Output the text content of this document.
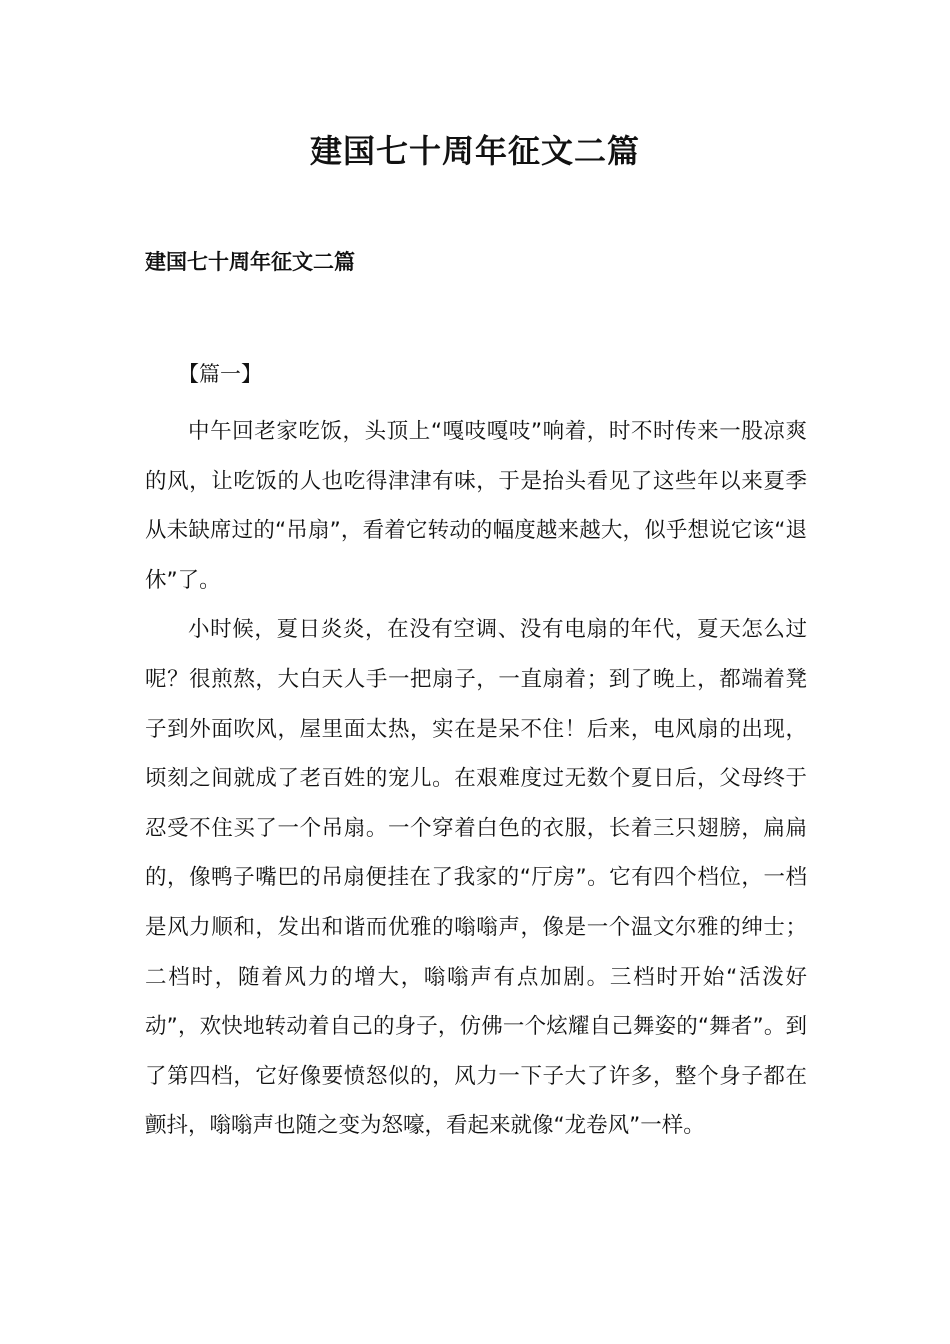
建国七十周年征文二篇
建国七十周年征文二篇

【篇一】

中午回老家吃饭，头顶上“嘎吱嘎吱”响着，时不时传来一股凉爽的风，让吃饭的人也吃得津津有味，于是抬头看见了这些年以来夏季从未缺席过的“吊扇”，看着它转动的幅度越来越大，似乎想说它该“退休”了。

小时候，夏日炎炎，在没有空调、没有电扇的年代，夏天怎么过呢？很煎熬，大白天人手一把扇子，一直扇着；到了晚上，都端着凳子到外面吹风，屋里面太热，实在是呆不住！后来，电风扇的出现，顷刻之间就成了老百姓的宠儿。在艰难度过无数个夏日后，父母终于忍受不住买了一个吊扇。一个穿着白色的衣服，长着三只翅膀，扁扁的，像鸭子嘴巴的吊扇便挂在了我家的“厅房”。它有四个档位，一档是风力顺和，发出和谐而优雅的嗡嗡声，像是一个温文尔雅的绅士；二档时，随着风力的增大，嗡嗡声有点加剧。三档时开始“活泼好动”，欢快地转动着自己的身子，仿佛一个炫耀自己舞姿的“舞者”。到了第四档，它好像要愤怒似的，风力一下子大了许多，整个身子都在颤抖，嗡嗡声也随之变为怒嚎，看起来就像“龙卷风”一样。
